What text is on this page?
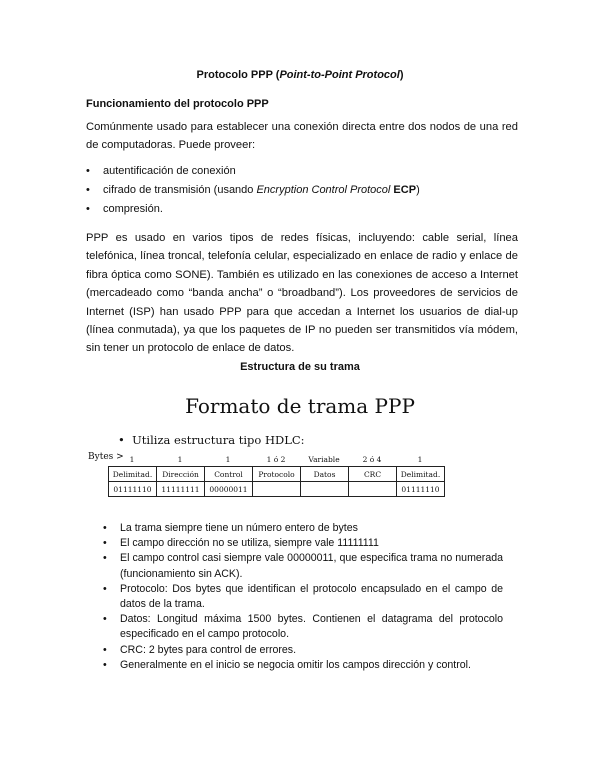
Protocolo PPP (Point-to-Point Protocol)
Funcionamiento del protocolo PPP
Comúnmente usado para establecer una conexión directa entre dos nodos de una red de computadoras. Puede proveer:
• autentificación de conexión
• cifrado de transmisión (usando Encryption Control Protocol ECP)
• compresión.
PPP es usado en varios tipos de redes físicas, incluyendo: cable serial, línea telefónica, línea troncal, telefonía celular, especializado en enlace de radio y enlace de fibra óptica como SONE). También es utilizado en las conexiones de acceso a Internet (mercadeado como “banda ancha” o “broadband”). Los proveedores de servicios de Internet (ISP) han usado PPP para que accedan a Internet los usuarios de dial-up (línea conmutada), ya que los paquetes de IP no pueden ser transmitidos vía módem, sin tener un protocolo de enlace de datos.
Estructura de su trama
Formato de trama PPP
•  Utiliza estructura tipo HDLC:
Bytes > 1	1	1	1 ó 2	Variable	2 ó 4	1
Delimitad.	Dirección	Control	Protocolo	Datos	CRC	Delimitad.
01111110	11111111	00000011				01111110
• La trama siempre tiene un número entero de bytes
• El campo dirección no se utiliza, siempre vale 11111111
• El campo control casi siempre vale 00000011, que especifica trama no numerada (funcionamiento sin ACK).
• Protocolo: Dos bytes que identifican el protocolo encapsulado en el campo de datos de la trama.
• Datos: Longitud máxima 1500 bytes. Contienen el datagrama del protocolo especificado en el campo protocolo.
• CRC: 2 bytes para control de errores.
• Generalmente en el inicio se negocia omitir los campos dirección y control.
